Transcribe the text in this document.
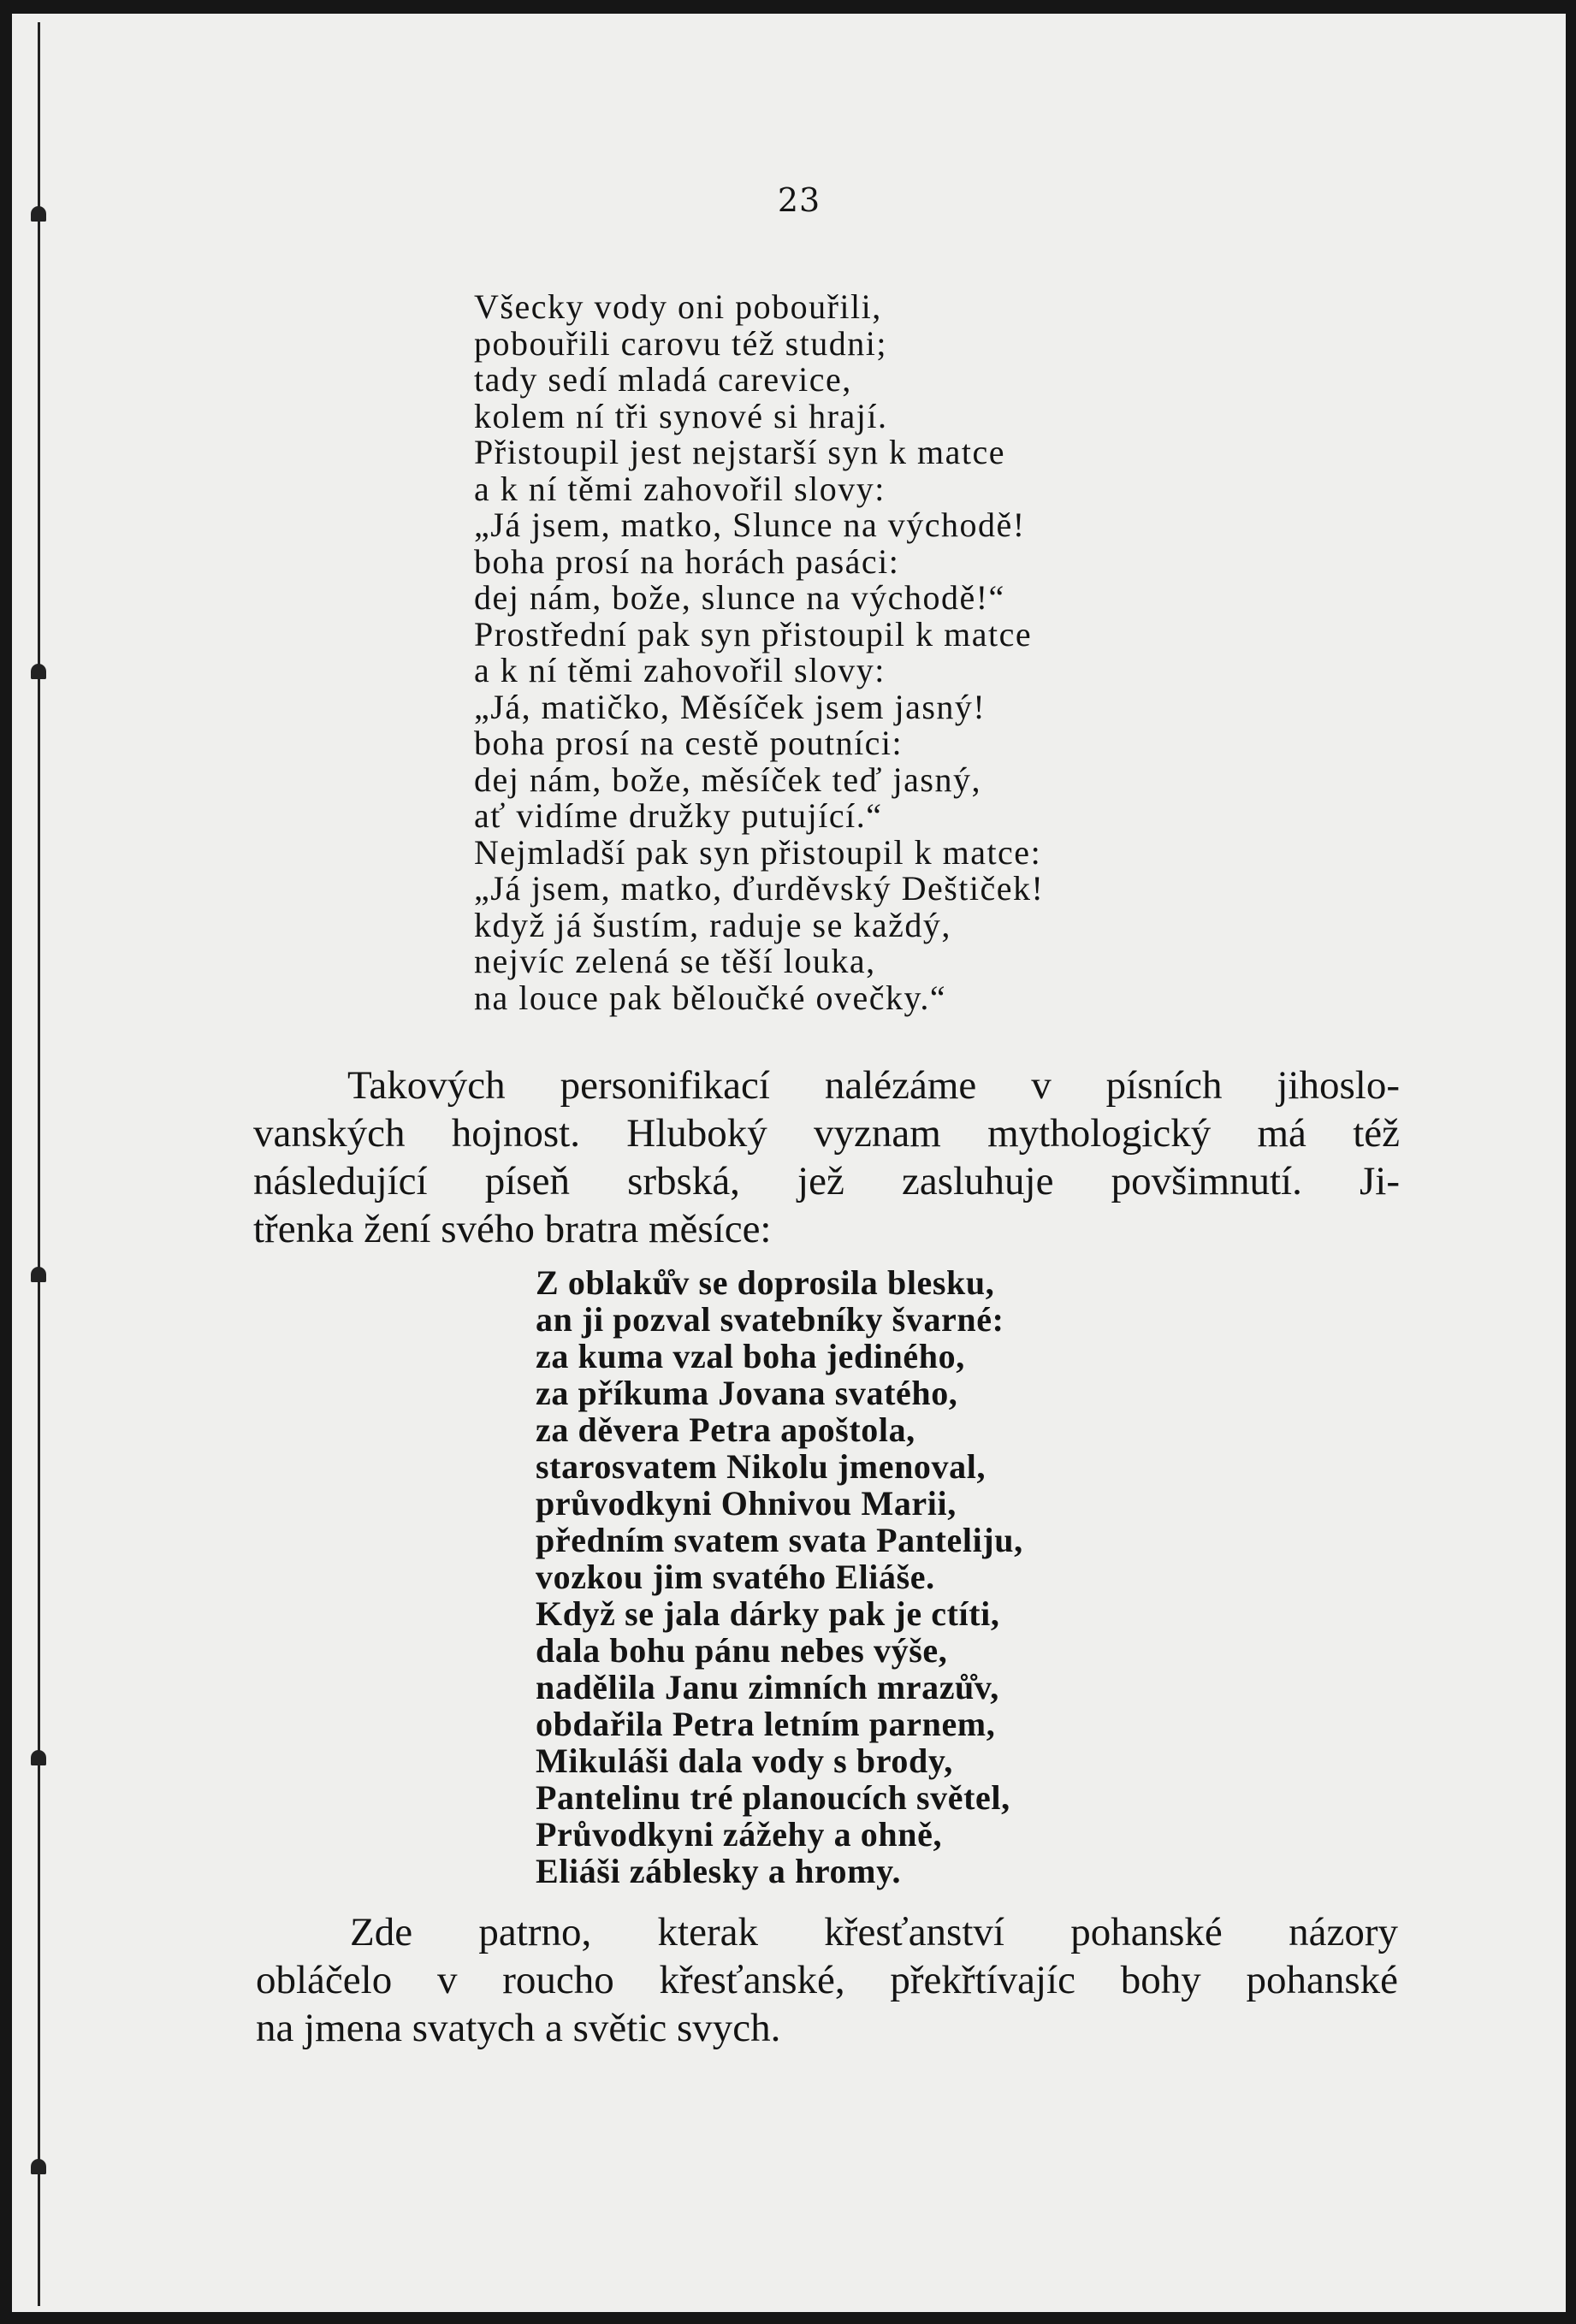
23
Všecky vody oni pobouřili,
pobouřili carovu též studni;
tady sedí mladá carevice,
kolem ní tři synové si hrají.
Přistoupil jest nejstarší syn k matce
a k ní těmi zahovořil slovy:
„Já jsem, matko, Slunce na východě!
boha prosí na horách pasáci:
dej nám, bože, slunce na východě!“
Prostřední pak syn přistoupil k matce
a k ní těmi zahovořil slovy:
„Já, matičko, Měsíček jsem jasný!
boha prosí na cestě poutníci:
dej nám, bože, měsíček teď jasný,
ať vidíme družky putující.“
Nejmladší pak syn přistoupil k matce:
„Já jsem, matko, ďurděvský Deštiček!
když já šustím, raduje se každý,
nejvíc zelená se těší louka,
na louce pak bělоučké ovečky.“

Takových personifikací nalézáme v písních jihoslo-
vanských hojnost. Hluboký vyznam mythologický má též
následující píseň srbská, jež zasluhuje povšimnutí. Ji-
třenka žení svého bratra měsíce:

Z oblaků̊v se doprosila blesku,
an ji pozval svatebníky švarné:
za kuma vzal boha jediného,
za příkuma Jovana svatého,
za děvera Petra apoštola,
starosvatem Nikolu jmenoval,
průvodkyni Ohnivou Marii,
předním svatem svata Panteliju,
vozkou jim svatého Eliáše.
Když se jala dárky pak je ctíti,
dala bohu pánu nebes výše,
nadělila Janu zimních mrazů̊v,
obdařila Petra letním parnem,
Mikuláši dala vody s brody,
Pantelinu tré planoucích světel,
Průvodkyni zážehy a ohně,
Eliáši záblesky a hromy.

Zde patrno, kterak křesťanství pohanské názory
obláčelo v roucho křesťanské, překřtívajíc bohy pohanské
na jmena svatych a světic svych.
